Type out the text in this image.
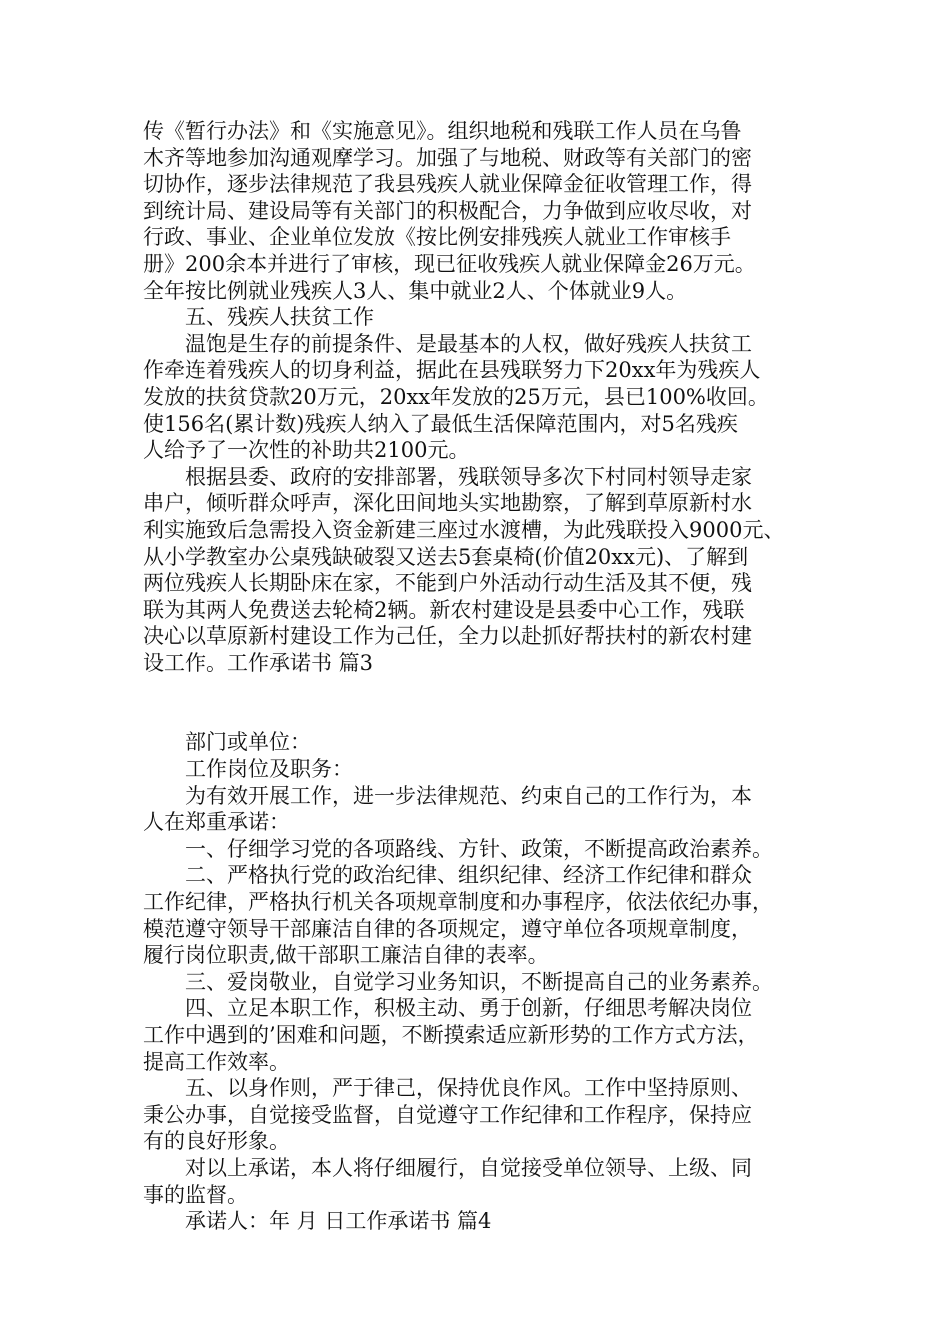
传《暂行办法》和《实施意见》。组织地税和残联工作人员在乌鲁
木齐等地参加沟通观摩学习。加强了与地税、财政等有关部门的密
切协作，逐步法律规范了我县残疾人就业保障金征收管理工作，得
到统计局、建设局等有关部门的积极配合，力争做到应收尽收，对
行政、事业、企业单位发放《按比例安排残疾人就业工作审核手
册》200余本并进行了审核，现已征收残疾人就业保障金26万元。
全年按比例就业残疾人3人、集中就业2人、个体就业9人。

五、残疾人扶贫工作

温饱是生存的前提条件、是最基本的人权，做好残疾人扶贫工
作牵连着残疾人的切身利益，据此在县残联努力下20xx年为残疾人
发放的扶贫贷款20万元，20xx年发放的25万元，县已100%收回。
使156名(累计数)残疾人纳入了最低生活保障范围内，对5名残疾
人给予了一次性的补助共2100元。

根据县委、政府的安排部署，残联领导多次下村同村领导走家
串户，倾听群众呼声，深化田间地头实地勘察，了解到草原新村水
利实施致后急需投入资金新建三座过水渡槽，为此残联投入9000元、
从小学教室办公桌残缺破裂又送去5套桌椅(价值20xx元)、了解到
两位残疾人长期卧床在家，不能到户外活动行动生活及其不便，残
联为其两人免费送去轮椅2辆。新农村建设是县委中心工作，残联
决心以草原新村建设工作为己任，全力以赴抓好帮扶村的新农村建
设工作。工作承诺书 篇3

部门或单位：

工作岗位及职务：

为有效开展工作，进一步法律规范、约束自己的工作行为，本
人在郑重承诺：

一、仔细学习党的各项路线、方针、政策，不断提高政治素养。

二、严格执行党的政治纪律、组织纪律、经济工作纪律和群众
工作纪律，严格执行机关各项规章制度和办事程序，依法依纪办事，
模范遵守领导干部廉洁自律的各项规定，遵守单位各项规章制度，
履行岗位职责,做干部职工廉洁自律的表率。

三、爱岗敬业，自觉学习业务知识，不断提高自己的业务素养。

四、立足本职工作，积极主动、勇于创新，仔细思考解决岗位
工作中遇到的’困难和问题，不断摸索适应新形势的工作方式方法，
提高工作效率。

五、以身作则，严于律己，保持优良作风。工作中坚持原则、
秉公办事，自觉接受监督，自觉遵守工作纪律和工作程序，保持应
有的良好形象。

对以上承诺，本人将仔细履行，自觉接受单位领导、上级、同
事的监督。

承诺人：年 月 日工作承诺书 篇4
